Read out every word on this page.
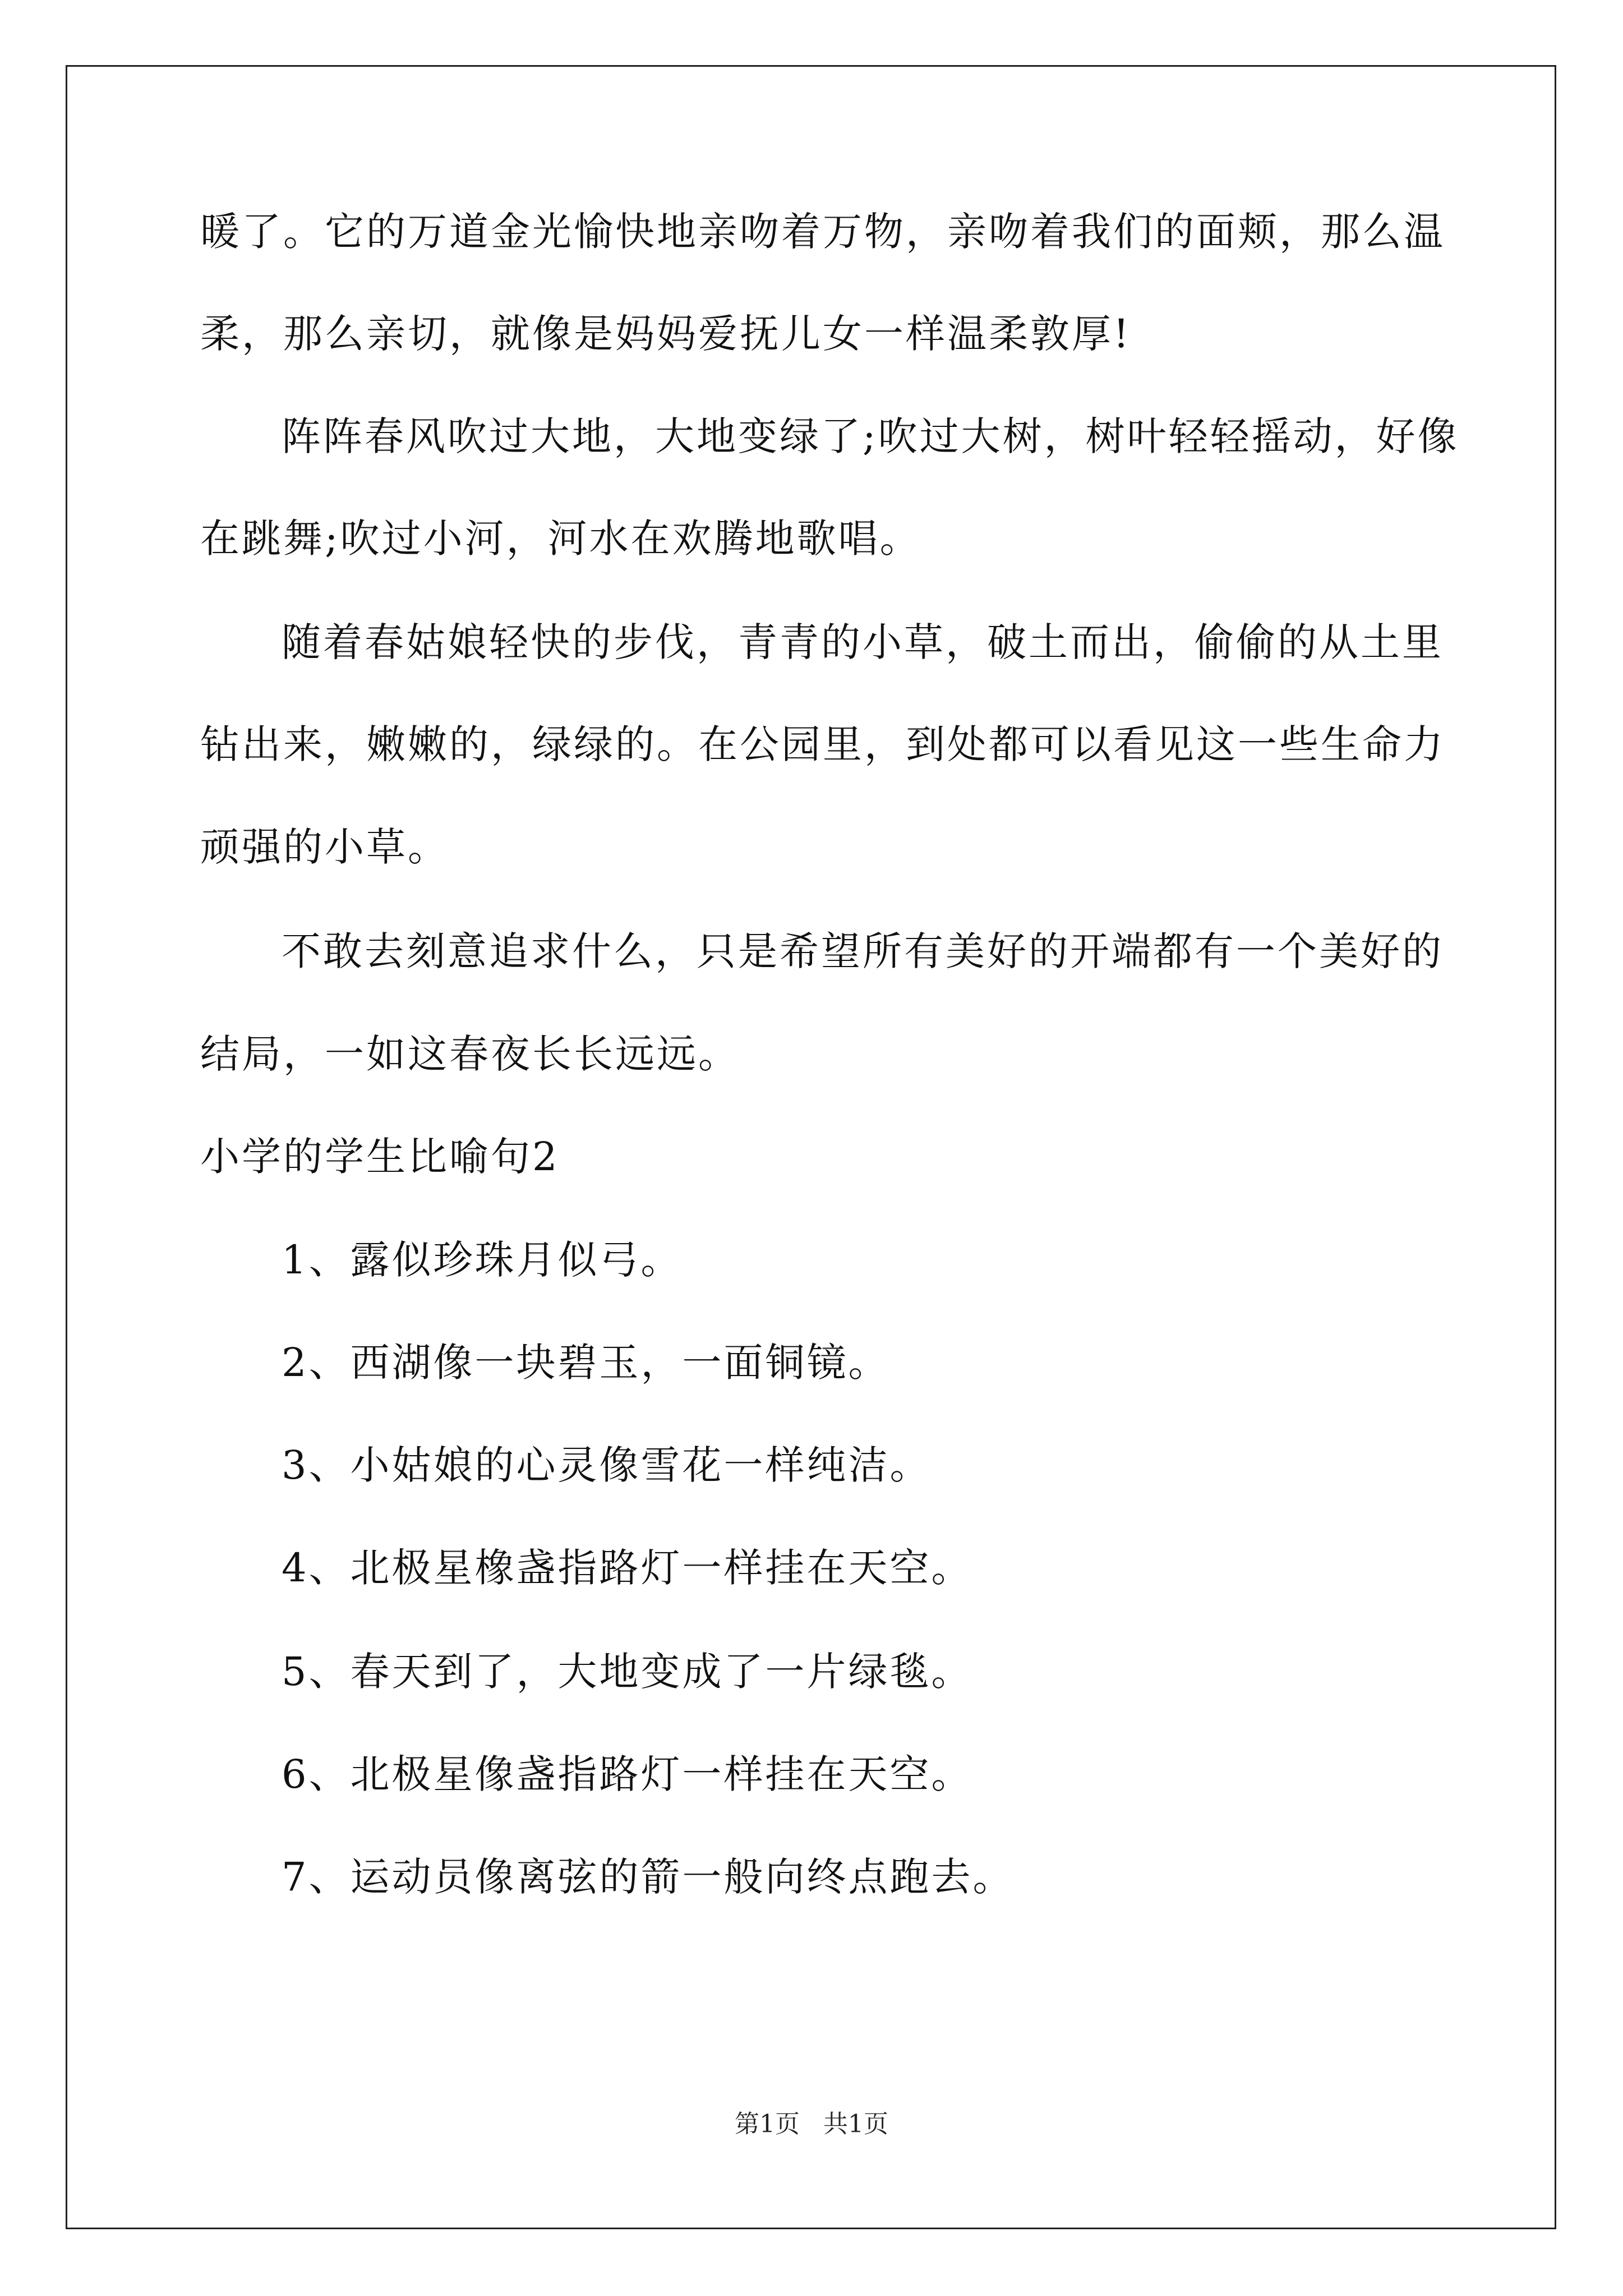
暖了。它的万道金光愉快地亲吻着万物，亲吻着我们的面颊，那么温
柔，那么亲切，就像是妈妈爱抚儿女一样温柔敦厚!
阵阵春风吹过大地，大地变绿了;吹过大树，树叶轻轻摇动，好像
在跳舞;吹过小河，河水在欢腾地歌唱。
随着春姑娘轻快的步伐，青青的小草，破土而出，偷偷的从土里
钻出来，嫩嫩的，绿绿的。在公园里，到处都可以看见这一些生命力
顽强的小草。
不敢去刻意追求什么，只是希望所有美好的开端都有一个美好的
结局，一如这春夜长长远远。
小学的学生比喻句2
1、露似珍珠月似弓。
2、西湖像一块碧玉，一面铜镜。
3、小姑娘的心灵像雪花一样纯洁。
4、北极星橡盏指路灯一样挂在天空。
5、春天到了，大地变成了一片绿毯。
6、北极星像盏指路灯一样挂在天空。
7、运动员像离弦的箭一般向终点跑去。
第1页   共1页
